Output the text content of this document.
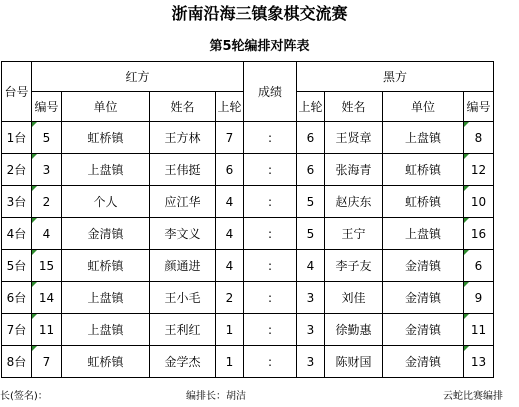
浙南沿海三镇象棋交流赛
第5轮编排对阵表
台号	红方				成绩	黑方			
	编号	单位	姓名	上轮		上轮	姓名	单位	编号
1台	5	虹桥镇	王方林	7	:	6	王贤章	上盘镇	8
2台	3	上盘镇	王伟挺	6	:	6	张海青	虹桥镇	12
3台	2	个人	应江华	4	:	5	赵庆东	虹桥镇	10
4台	4	金清镇	李文义	4	:	5	王宁	上盘镇	16
5台	15	虹桥镇	颜通进	4	:	4	李子友	金清镇	6
6台	14	上盘镇	王小毛	2	:	3	刘佳	金清镇	9
7台	11	上盘镇	王利红	1	:	3	徐勤惠	金清镇	11
8台	7	虹桥镇	金学杰	1	:	3	陈财国	金清镇	13
长(签名)：	编排长：胡洁	云蛇比赛编排
